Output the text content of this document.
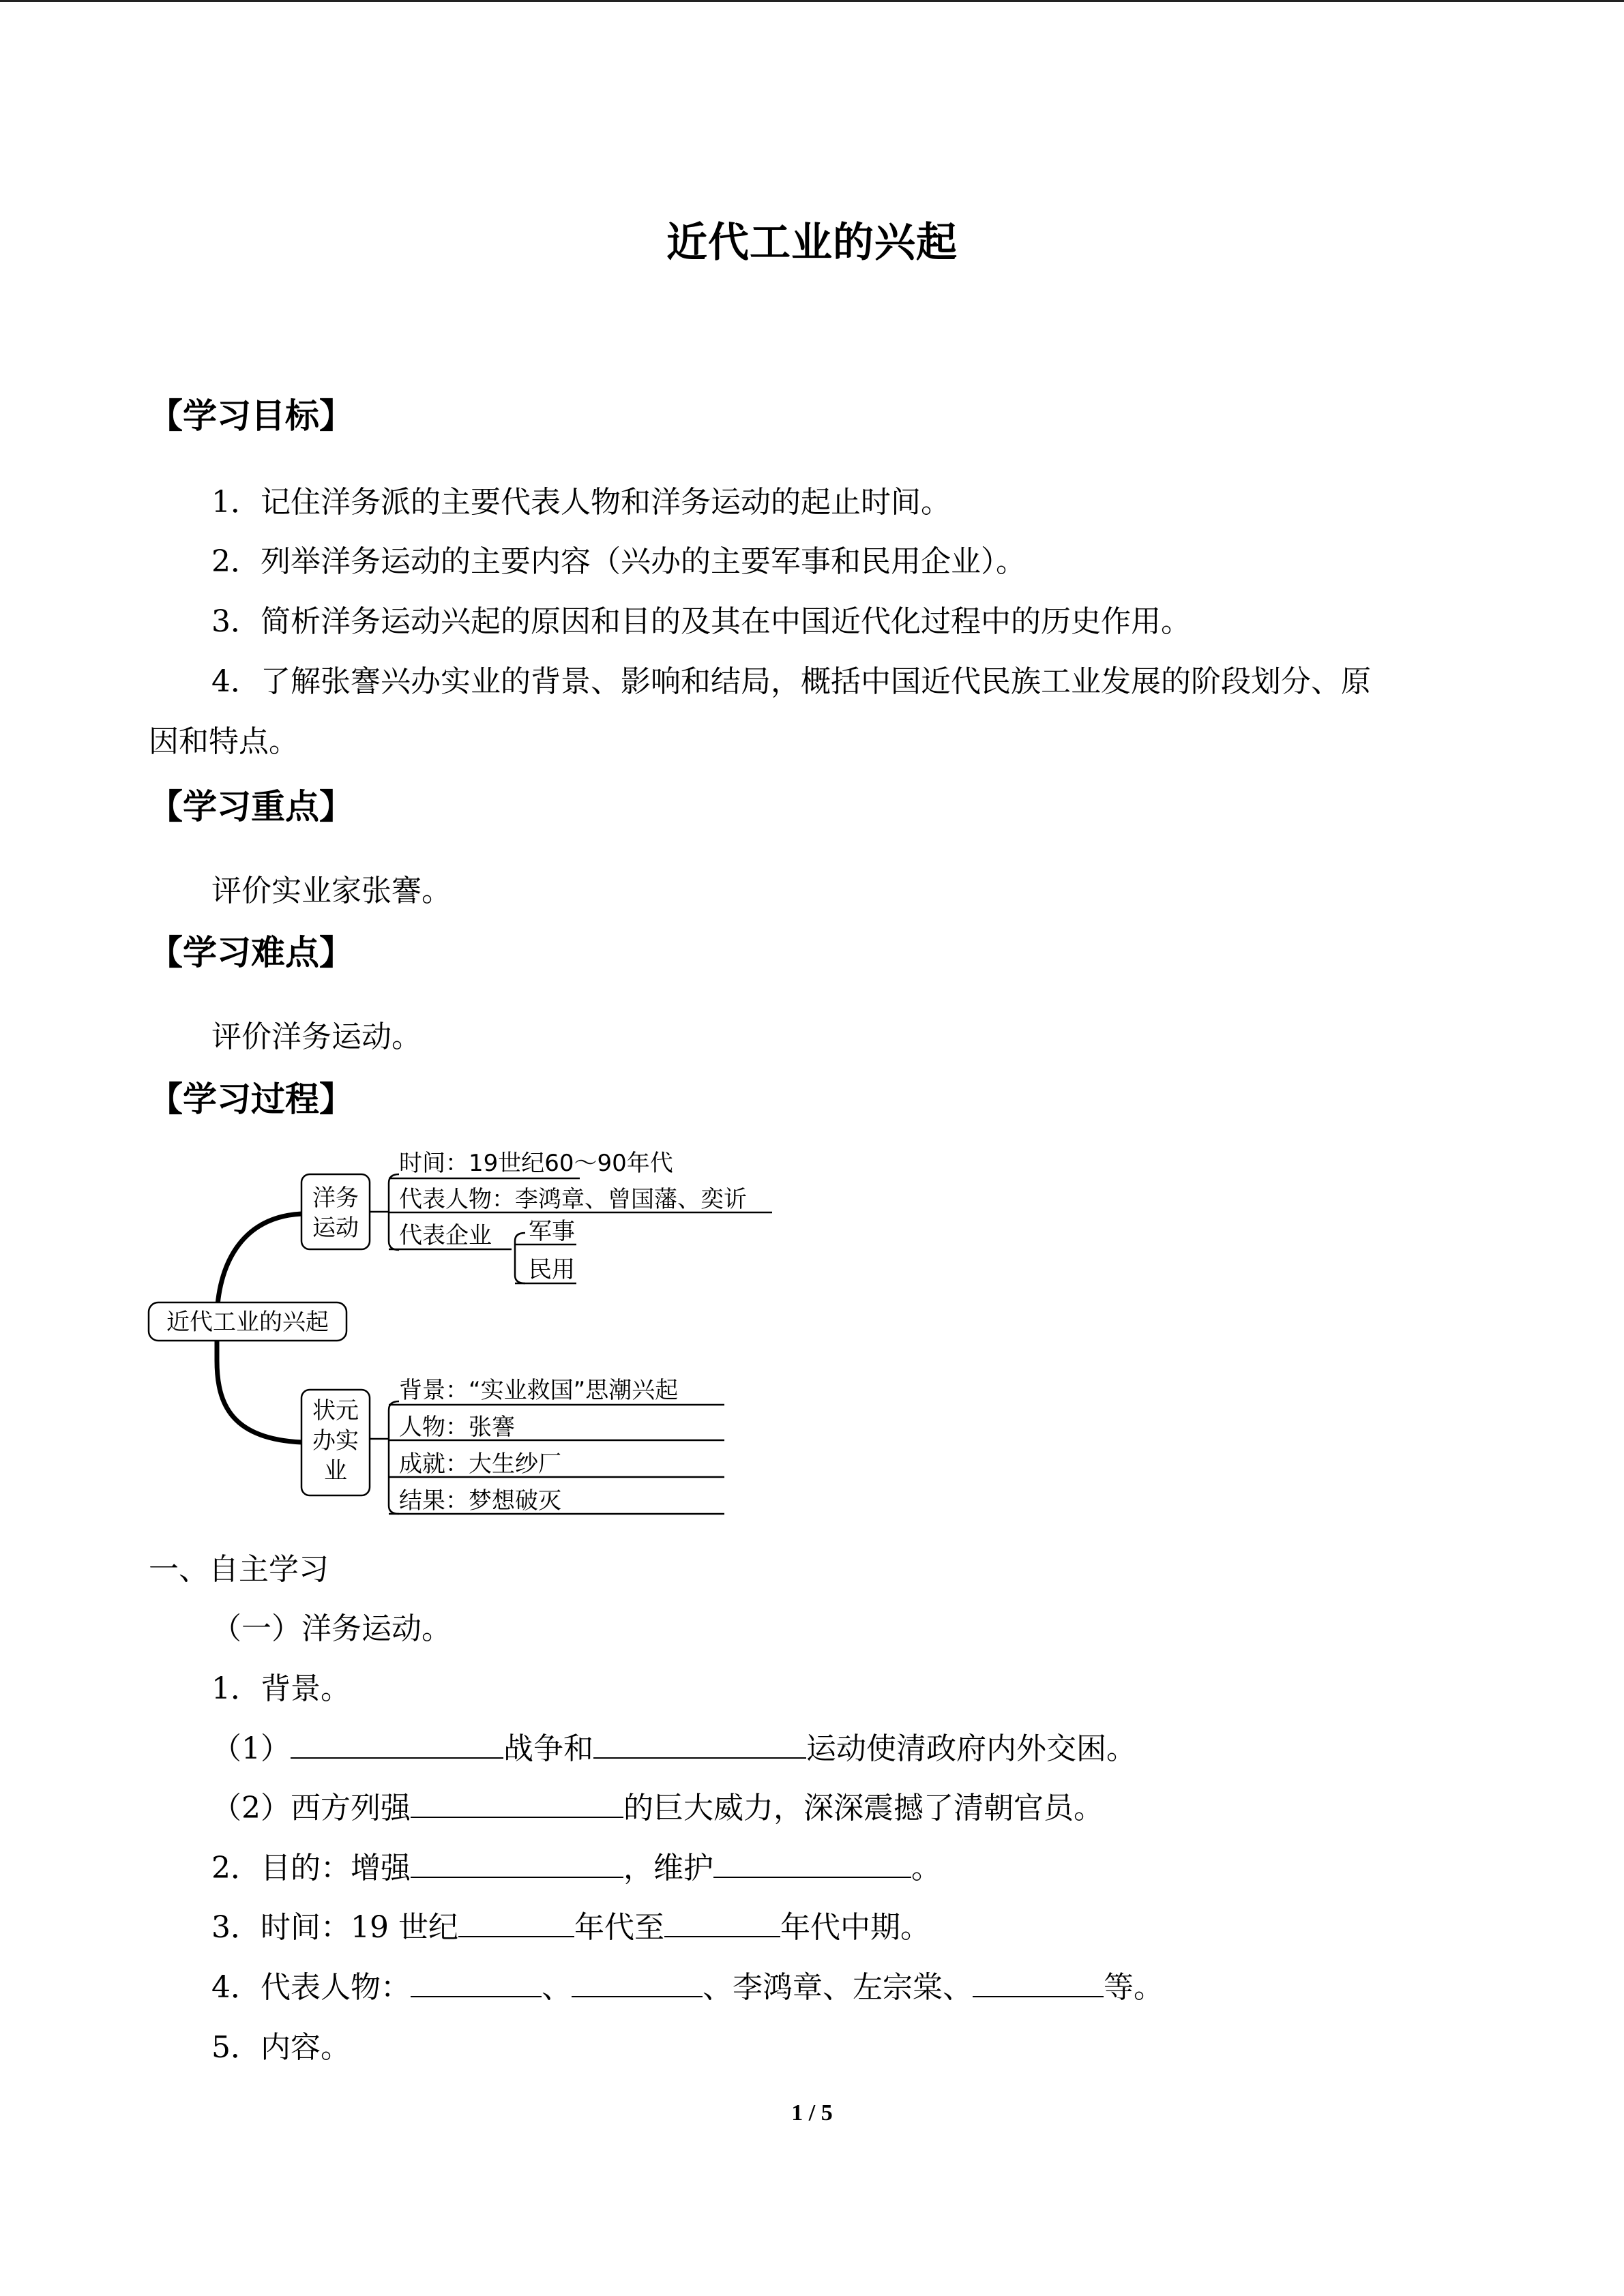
近代工业的兴起
【学习目标】
1．记住洋务派的主要代表人物和洋务运动的起止时间。
2．列举洋务运动的主要内容（兴办的主要军事和民用企业）。
3．简析洋务运动兴起的原因和目的及其在中国近代化过程中的历史作用。
4．了解张謇兴办实业的背景、影响和结局，概括中国近代民族工业发展的阶段划分、原
因和特点。
【学习重点】
评价实业家张謇。
【学习难点】
评价洋务运动。
【学习过程】
近代工业的兴起
洋务
运动
时间：19世纪60～90年代
代表人物：李鸿章、曾国藩、奕䜣
代表企业 军事
民用
状元
办实
业
背景：“实业救国”思潮兴起
人物：张謇
成就：大生纱厂
结果：梦想破灭
一、自主学习
（一）洋务运动。
1．背景。
（1）	战争和	运动使清政府内外交困。
（2）西方列强	的巨大威力，深深震撼了清朝官员。
2．目的：增强	，维护	。
3．时间：19 世纪	年代至	年代中期。
4．代表人物：	、	、李鸿章、左宗棠、	等。
5．内容。
1 / 5
